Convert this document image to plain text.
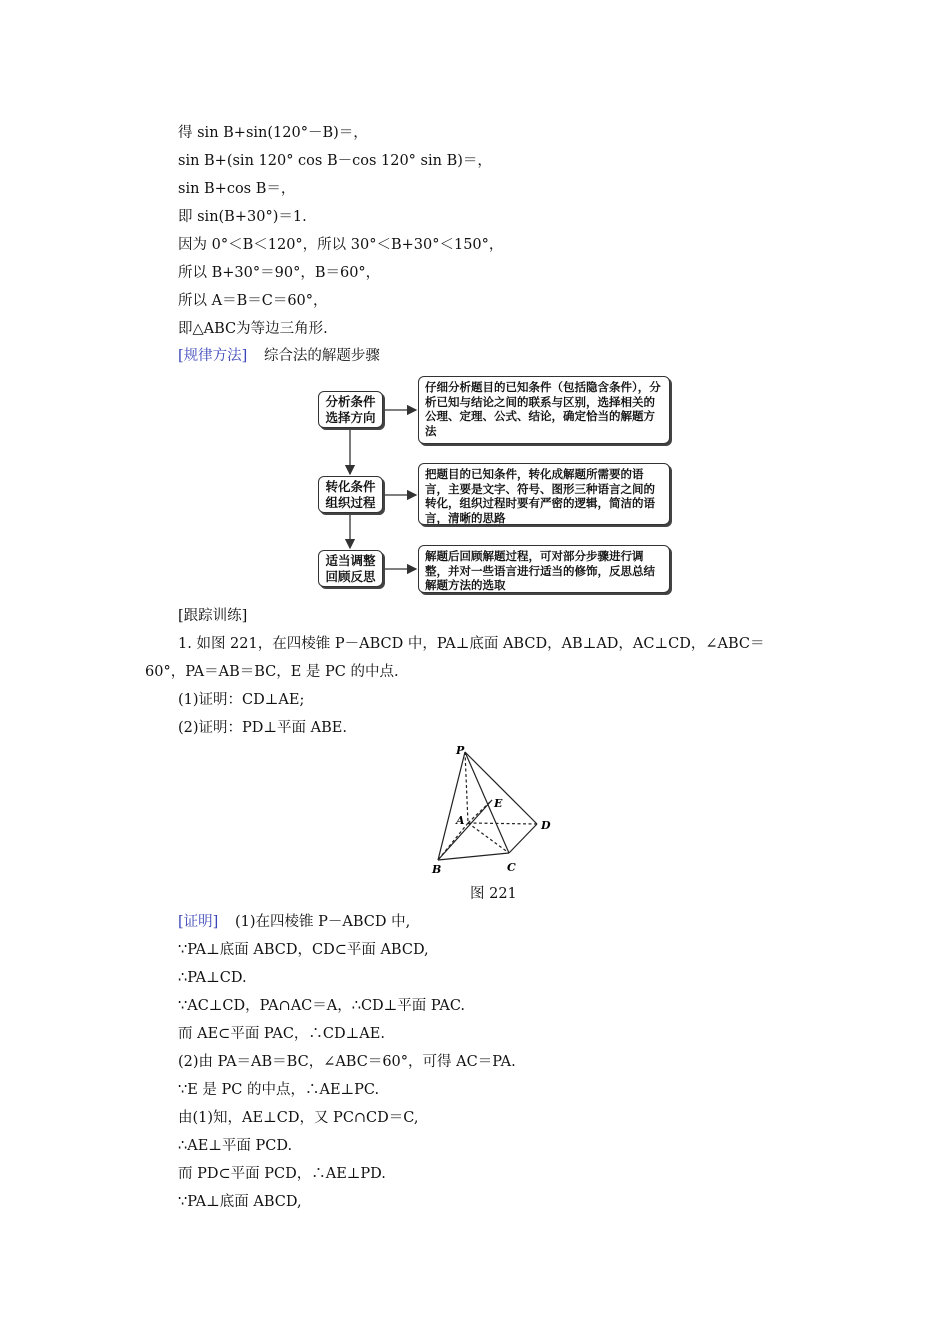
得 sin B+sin(120°－B)＝，
sin B+(sin 120° cos B－cos 120° sin B)＝，
sin B+cos B＝，
即 sin(B+30°)＝1.
因为 0°＜B＜120°，所以 30°＜B+30°＜150°，
所以 B+30°＝90°，B＝60°，
所以 A＝B＝C＝60°，
即△ABC为等边三角形.
[规律方法] 综合法的解题步骤
分析条件
选择方向
转化条件
组织过程
适当调整
回顾反思
仔细分析题目的已知条件（包括隐含条件），分析已知与结论之间的联系与区别，选择相关的公理、定理、公式、结论，确定恰当的解题方法
把题目的已知条件，转化成解题所需要的语言，主要是文字、符号、图形三种语言之间的转化，组织过程时要有严密的逻辑，简洁的语言，清晰的思路
解题后回顾解题过程，可对部分步骤进行调整，并对一些语言进行适当的修饰，反思总结解题方法的选取
[跟踪训练]
1. 如图 221，在四棱锥 P－ABCD 中，PA⊥底面 ABCD，AB⊥AD，AC⊥CD，∠ABC＝
60°，PA＝AB＝BC，E 是 PC 的中点.
(1)证明：CD⊥AE;
(2)证明：PD⊥平面 ABE.
P
E
A	D
B	C
图 221
[证明] (1)在四棱锥 P－ABCD 中,
∵PA⊥底面 ABCD，CD⊂平面 ABCD,
∴PA⊥CD.
∵AC⊥CD，PA∩AC＝A，∴CD⊥平面 PAC.
而 AE⊂平面 PAC，∴CD⊥AE.
(2)由 PA＝AB＝BC，∠ABC＝60°，可得 AC＝PA.
∵E 是 PC 的中点，∴AE⊥PC.
由(1)知，AE⊥CD，又 PC∩CD＝C,
∴AE⊥平面 PCD.
而 PD⊂平面 PCD，∴AE⊥PD.
∵PA⊥底面 ABCD,
